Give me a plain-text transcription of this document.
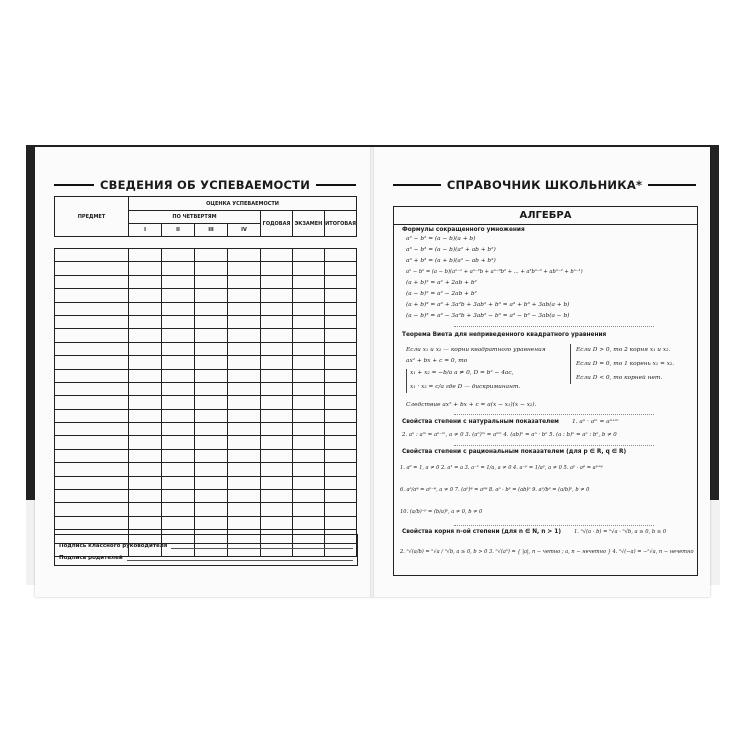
СВЕДЕНИЯ ОБ УСПЕВАЕМОСТИ
ПРЕДМЕТ	ОЦЕНКА УСПЕВАЕМОСТИ						
	ПО ЧЕТВЕРТЯМ				ГОДОВАЯ	ЭКЗАМЕН	ИТОГОВАЯ
	I	II	III	IV			

Подпись классного руководителя
Подпись родителей
СПРАВОЧНИК ШКОЛЬНИКА*
АЛГЕБРА
Формулы сокращенного умножения
a² − b² = (a − b)(a + b)
a³ − b³ = (a − b)(a² + ab + b²)
a³ + b³ = (a + b)(a² − ab + b²)
aⁿ − bⁿ = (a − b)(aⁿ⁻¹ + aⁿ⁻²b + aⁿ⁻³b² + ... + a²bⁿ⁻³ + abⁿ⁻² + bⁿ⁻¹)
(a + b)² = a² + 2ab + b²
(a − b)² = a² − 2ab + b²
(a + b)³ = a³ + 3a²b + 3ab² + b³ = a³ + b³ + 3ab(a + b)
(a − b)³ = a³ − 3a²b + 3ab² − b³ = a³ − b³ − 3ab(a − b)
Теорема Виета для неприведенного квадратного уравнения
Если x₁ и x₂ — корни квадратного уравнения
ax² + bx + c = 0, то
x₁ + x₂ = −b/a a ≠ 0, D = b² − 4ac,
x₁ · x₂ = c/a где D — дискриминант.
Следствие ax² + bx + c = a(x − x₁)(x − x₂).
Если D > 0, то 2 корня x₁ и x₂.
Если D = 0, то 1 корень x₁ = x₂.
Если D < 0, то корней нет.
Свойства степени с натуральным показателем 1. aⁿ · aᵐ = aⁿ⁺ᵐ
2. aⁿ : aᵐ = aⁿ⁻ᵐ, a ≠ 0 3. (aⁿ)ᵐ = aⁿᵐ 4. (ab)ⁿ = aⁿ · bⁿ 5. (a : b)ⁿ = aⁿ : bⁿ, b ≠ 0
Свойства степени с рациональным показателем (для p ∈ R, q ∈ R)
1. a⁰ = 1, a ≠ 0 2. a¹ = a 3. a⁻¹ = 1/a, a ≠ 0 4. a⁻ᵖ = 1/aᵖ, a ≠ 0 5. aᵖ · aᵠ = aᵖ⁺ᵠ
6. aᵖ/aᵠ = aᵖ⁻ᵠ, a ≠ 0 7. (aᵖ)ᵠ = aᵖᵠ 8. aᵖ · bᵖ = (ab)ᵖ 9. aᵖ/bᵖ = (a/b)ᵖ, b ≠ 0
10. (a/b)⁻ᵖ = (b/a)ᵖ, a ≠ 0, b ≠ 0
Свойства корня n-ой степени (для n ∈ N, n > 1)	1. ⁿ√(a · b) = ⁿ√a · ⁿ√b, a ≥ 0, b ≥ 0
2. ⁿ√(a/b) = ⁿ√a / ⁿ√b, a ≥ 0, b > 0 3. ⁿ√(aⁿ) = { |a|, n − четно ; a, n − нечетно } 4. ⁿ√(−a) = −ⁿ√a, n − нечетно
